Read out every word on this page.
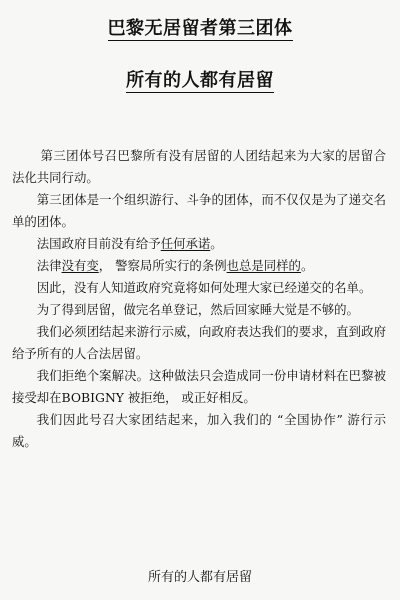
巴黎无居留者第三团体
所有的人都有居留

第三团体号召巴黎所有没有居留的人团结起来为大家的居留合法化共同行动。

第三团体是一个组织游行、斗争的团体，而不仅仅是为了递交名单的团体。

法国政府目前没有给予任何承诺。

法律没有变， 警察局所实行的条例也总是同样的。

因此，没有人知道政府究竟将如何处理大家已经递交的名单。

为了得到居留，做完名单登记，然后回家睡大觉是不够的。

我们必须团结起来游行示威，向政府表达我们的要求，直到政府给予所有的人合法居留。

我们拒绝个案解决。这种做法只会造成同一份申请材料在巴黎被接受却在BOBIGNY 被拒绝， 或正好相反。

我们因此号召大家团结起来，加入我们的 “全国协作” 游行示威。

所有的人都有居留
